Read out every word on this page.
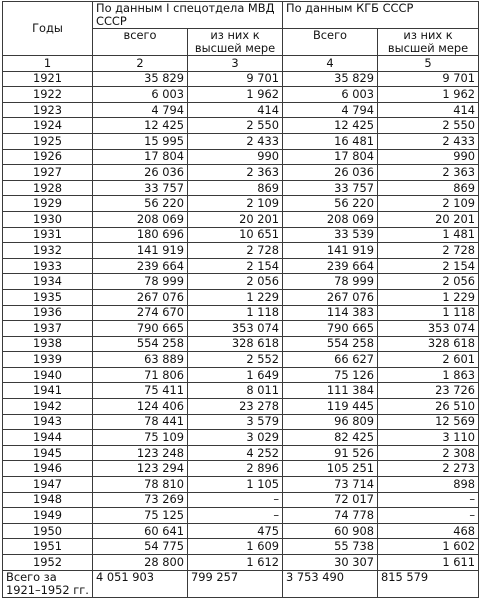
Годы	По данным I спецотдела МВД СССР		По данным КГБ СССР	
	всего	из них к высшей мере	Всего	из них к высшей мере
1	2	3	4	5
1921	35 829	9 701	35 829	9 701
1922	6 003	1 962	6 003	1 962
1923	4 794	414	4 794	414
1924	12 425	2 550	12 425	2 550
1925	15 995	2 433	16 481	2 433
1926	17 804	990	17 804	990
1927	26 036	2 363	26 036	2 363
1928	33 757	869	33 757	869
1929	56 220	2 109	56 220	2 109
1930	208 069	20 201	208 069	20 201
1931	180 696	10 651	33 539	1 481
1932	141 919	2 728	141 919	2 728
1933	239 664	2 154	239 664	2 154
1934	78 999	2 056	78 999	2 056
1935	267 076	1 229	267 076	1 229
1936	274 670	1 118	114 383	1 118
1937	790 665	353 074	790 665	353 074
1938	554 258	328 618	554 258	328 618
1939	63 889	2 552	66 627	2 601
1940	71 806	1 649	75 126	1 863
1941	75 411	8 011	111 384	23 726
1942	124 406	23 278	119 445	26 510
1943	78 441	3 579	96 809	12 569
1944	75 109	3 029	82 425	3 110
1945	123 248	4 252	91 526	2 308
1946	123 294	2 896	105 251	2 273
1947	78 810	1 105	73 714	898
1948	73 269	–	72 017	–
1949	75 125	–	74 778	–
1950	60 641	475	60 908	468
1951	54 775	1 609	55 738	1 602
1952	28 800	1 612	30 307	1 611
Всего за 1921–1952 гг.	4 051 903	799 257	3 753 490	815 579
